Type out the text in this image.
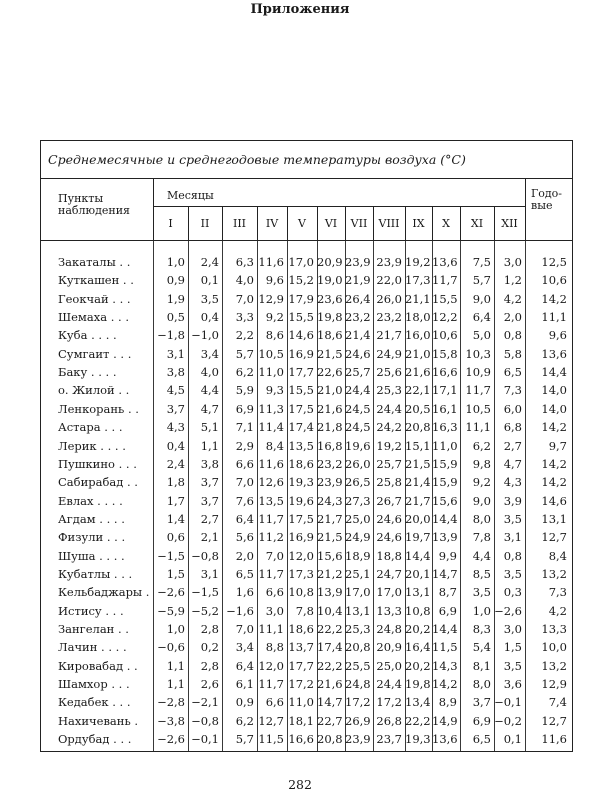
Приложения
Среднемесячные и среднегодовые температуры воздуха (°C)
Пункты наблюдения
Месяцы	Годо-вые
I	II	III	IV	V	VI	VII	VIII	IX	X	XI	XII
Закаталы . .	1,0	2,4	6,3 11,6 17,0 20,9 23,9 23,9 19,2 13,6	7,5	3,0	12,5
Куткашен . .	0,9	0,1	4,0	9,6 15,2 19,0 21,9 22,0 17,3 11,7	5,7	1,2	10,6
Геокчай . . .	1,9	3,5	7,0 12,9 17,9 23,6 26,4 26,0 21,1 15,5	9,0	4,2	14,2
Шемаха . . .	0,5	0,4	3,3	9,2 15,5 19,8 23,2 23,2 18,0 12,2	6,4	2,0	11,1
Куба . . . .	−1,8 −1,0	2,2	8,6 14,6 18,6 21,4 21,7 16,0 10,6	5,0	0,8	9,6
Сумгаит . . .	3,1	3,4	5,7 10,5 16,9 21,5 24,6 24,9 21,0 15,8 10,3	5,8	13,6
Баку . . . .	3,8	4,0	6,2 11,0 17,7 22,6 25,7 25,6 21,6 16,6 10,9	6,5	14,4
о. Жилой . .	4,5	4,4	5,9	9,3 15,5 21,0 24,4 25,3 22,1 17,1 11,7	7,3	14,0
Ленкорань . .	3,7	4,7	6,9 11,3 17,5 21,6 24,5 24,4 20,5 16,1 10,5	6,0	14,0
Астара . . .	4,3	5,1	7,1 11,4 17,4 21,8 24,5 24,2 20,8 16,3 11,1	6,8	14,2
Лерик . . . .	0,4	1,1	2,9	8,4 13,5 16,8 19,6 19,2 15,1 11,0	6,2	2,7	9,7
Пушкино . . .	2,4	3,8	6,6 11,6 18,6 23,2 26,0 25,7 21,5 15,9	9,8	4,7	14,2
Сабирабад . .	1,8	3,7	7,0 12,6 19,3 23,9 26,5 25,8 21,4 15,9	9,2	4,3	14,2
Евлах . . . .	1,7	3,7	7,6 13,5 19,6 24,3 27,3 26,7 21,7 15,6	9,0	3,9	14,6
Агдам . . . .	1,4	2,7	6,4 11,7 17,5 21,7 25,0 24,6 20,0 14,4	8,0	3,5	13,1
Физули . . .	0,6	2,1	5,6 11,2 16,9 21,5 24,9 24,6 19,7 13,9	7,8	3,1	12,7
Шуша . . . .	−1,5 −0,8	2,0	7,0 12,0 15,6 18,9 18,8 14,4 9,9	4,4	0,8	8,4
Кубатлы . . .	1,5	3,1	6,5 11,7 17,3 21,2 25,1 24,7 20,1 14,7	8,5	3,5	13,2
Кельбаджары . −2,6 −1,5	1,6	6,6 10,8 13,9 17,0 17,0 13,1 8,7	3,5	0,3	7,3
Истису . . .	−5,9 −5,2 −1,6	3,0	7,8 10,4 13,1 13,3 10,8 6,9	1,0 −2,6	4,2
Зангелан . .	1,0	2,8	7,0 11,1 18,6 22,2 25,3 24,8 20,2 14,4	8,3	3,0	13,3
Лачин . . . .	−0,6	0,2	3,4	8,8 13,7 17,4 20,8 20,9 16,4 11,5	5,4	1,5	10,0
Кировабад . .	1,1	2,8	6,4 12,0 17,7 22,2 25,5 25,0 20,2 14,3	8,1	3,5	13,2
Шамхор . . .	1,1	2,6	6,1 11,7 17,2 21,6 24,8 24,4 19,8 14,2	8,0	3,6	12,9
Кедабек . . .	−2,8 −2,1	0,9	6,6 11,0 14,7 17,2 17,2 13,4 8,9	3,7 −0,1	7,4
Нахичевань .	−3,8 −0,8	6,2 12,7 18,1 22,7 26,9 26,8 22,2 14,9	6,9 −0,2	12,7
Ордубад . . .	−2,6 −0,1	5,7 11,5 16,6 20,8 23,9 23,7 19,3 13,6	6,5	0,1	11,6
282
